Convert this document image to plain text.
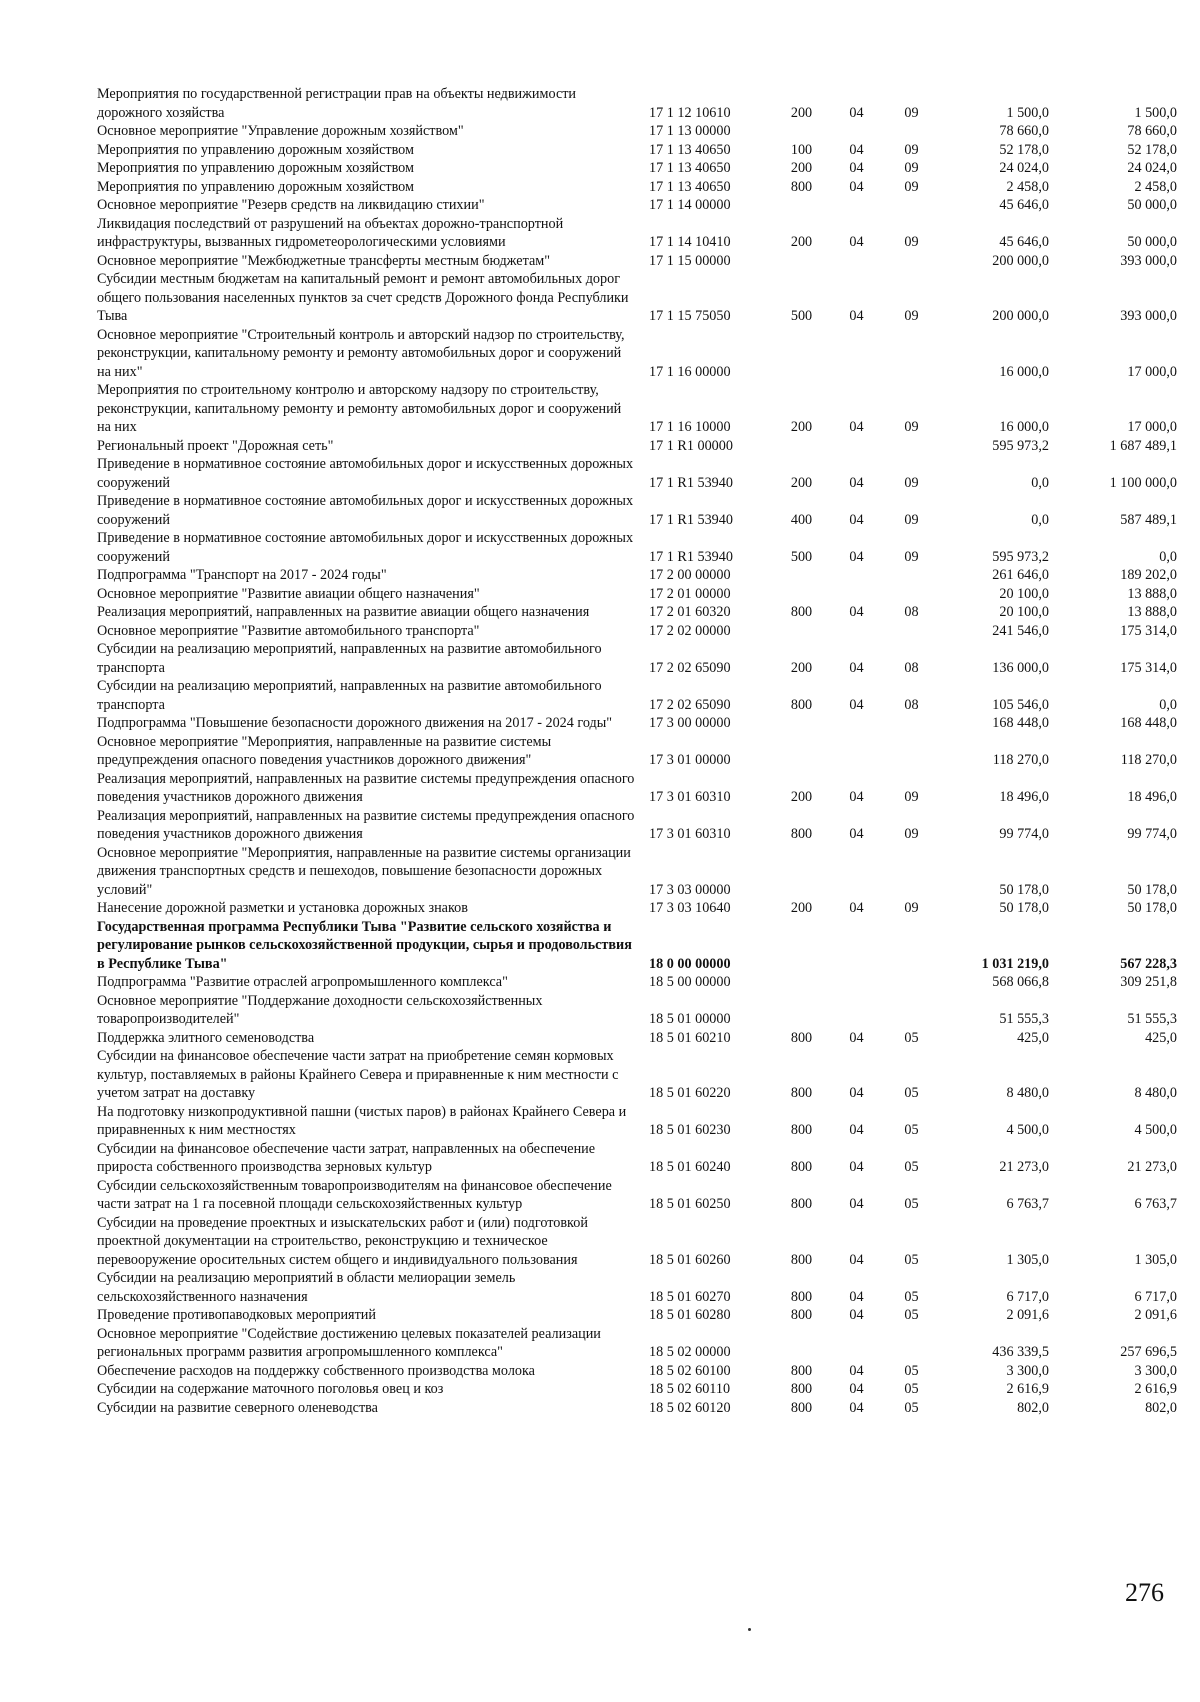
Мероприятия по государственной регистрации прав на объекты недвижимости дорожного хозяйства	17 1 12 10610	200	04	09	1 500,0	1 500,0
Основное мероприятие "Управление дорожным хозяйством"	17 1 13 00000				78 660,0	78 660,0
Мероприятия по управлению дорожным хозяйством	17 1 13 40650	100	04	09	52 178,0	52 178,0
Мероприятия по управлению дорожным хозяйством	17 1 13 40650	200	04	09	24 024,0	24 024,0
Мероприятия по управлению дорожным хозяйством	17 1 13 40650	800	04	09	2 458,0	2 458,0
Основное мероприятие "Резерв средств на ликвидацию стихии"	17 1 14 00000				45 646,0	50 000,0
Ликвидация последствий от разрушений на объектах дорожно-транспортной инфраструктуры, вызванных гидрометеорологическими условиями	17 1 14 10410	200	04	09	45 646,0	50 000,0
Основное мероприятие "Межбюджетные трансферты местным бюджетам"	17 1 15 00000				200 000,0	393 000,0
Субсидии местным бюджетам на капитальный ремонт и ремонт автомобильных дорог общего пользования населенных пунктов за счет средств Дорожного фонда Республики Тыва	17 1 15 75050	500	04	09	200 000,0	393 000,0
Основное мероприятие "Строительный контроль и авторский надзор по строительству, реконструкции, капитальному ремонту и ремонту автомобильных дорог и сооружений на них"	17 1 16 00000				16 000,0	17 000,0
Мероприятия по строительному контролю и авторскому надзору по строительству, реконструкции, капитальному ремонту и ремонту автомобильных дорог и сооружений на них	17 1 16 10000	200	04	09	16 000,0	17 000,0
Региональный проект "Дорожная сеть"	17 1 R1 00000				595 973,2	1 687 489,1
Приведение в нормативное состояние автомобильных дорог и искусственных дорожных сооружений	17 1 R1 53940	200	04	09	0,0	1 100 000,0
Приведение в нормативное состояние автомобильных дорог и искусственных дорожных сооружений	17 1 R1 53940	400	04	09	0,0	587 489,1
Приведение в нормативное состояние автомобильных дорог и искусственных дорожных сооружений	17 1 R1 53940	500	04	09	595 973,2	0,0
Подпрограмма "Транспорт на 2017 - 2024 годы"	17 2 00 00000				261 646,0	189 202,0
Основное мероприятие "Развитие авиации общего назначения"	17 2 01 00000				20 100,0	13 888,0
Реализация мероприятий, направленных на развитие авиации общего назначения	17 2 01 60320	800	04	08	20 100,0	13 888,0
Основное мероприятие "Развитие автомобильного транспорта"	17 2 02 00000				241 546,0	175 314,0
Субсидии на реализацию мероприятий, направленных на развитие автомобильного транспорта	17 2 02 65090	200	04	08	136 000,0	175 314,0
Субсидии на реализацию мероприятий, направленных на развитие автомобильного транспорта	17 2 02 65090	800	04	08	105 546,0	0,0
Подпрограмма "Повышение безопасности дорожного движения на 2017 - 2024 годы"	17 3 00 00000				168 448,0	168 448,0
Основное мероприятие "Мероприятия, направленные на развитие системы предупреждения опасного поведения участников дорожного движения"	17 3 01 00000				118 270,0	118 270,0
Реализация мероприятий, направленных на развитие системы предупреждения опасного поведения участников дорожного движения	17 3 01 60310	200	04	09	18 496,0	18 496,0
Реализация мероприятий, направленных на развитие системы предупреждения опасного поведения участников дорожного движения	17 3 01 60310	800	04	09	99 774,0	99 774,0
Основное мероприятие "Мероприятия, направленные на развитие системы организации движения транспортных средств и пешеходов, повышение безопасности дорожных условий"	17 3 03 00000				50 178,0	50 178,0
Нанесение дорожной разметки и установка дорожных знаков	17 3 03 10640	200	04	09	50 178,0	50 178,0
Государственная программа Республики Тыва "Развитие сельского хозяйства и регулирование рынков сельскохозяйственной продукции, сырья и продовольствия в Республике Тыва"	18 0 00 00000				1 031 219,0	567 228,3
Подпрограмма "Развитие отраслей агропромышленного комплекса"	18 5 00 00000				568 066,8	309 251,8
Основное мероприятие "Поддержание доходности сельскохозяйственных товаропроизводителей"	18 5 01 00000				51 555,3	51 555,3
Поддержка элитного семеноводства	18 5 01 60210	800	04	05	425,0	425,0
Субсидии на финансовое обеспечение части затрат на приобретение семян кормовых культур, поставляемых в районы Крайнего Севера и приравненные к ним местности с учетом затрат на доставку	18 5 01 60220	800	04	05	8 480,0	8 480,0
На подготовку низкопродуктивной пашни (чистых паров) в районах Крайнего Севера и приравненных к ним местностях	18 5 01 60230	800	04	05	4 500,0	4 500,0
Субсидии на финансовое обеспечение части затрат, направленных на обеспечение прироста собственного производства зерновых культур	18 5 01 60240	800	04	05	21 273,0	21 273,0
Субсидии сельскохозяйственным товаропроизводителям на финансовое обеспечение части затрат на 1 га посевной площади сельскохозяйственных культур	18 5 01 60250	800	04	05	6 763,7	6 763,7
Субсидии на проведение проектных и изыскательских работ и (или) подготовкой проектной документации на строительство, реконструкцию и техническое перевооружение оросительных систем общего и индивидуального пользования	18 5 01 60260	800	04	05	1 305,0	1 305,0
Субсидии на реализацию мероприятий в области мелиорации земель сельскохозяйственного назначения	18 5 01 60270	800	04	05	6 717,0	6 717,0
Проведение противопаводковых мероприятий	18 5 01 60280	800	04	05	2 091,6	2 091,6
Основное мероприятие "Содействие достижению целевых показателей реализации региональных программ развития агропромышленного комплекса"	18 5 02 00000				436 339,5	257 696,5
Обеспечение расходов на поддержку собственного производства молока	18 5 02 60100	800	04	05	3 300,0	3 300,0
Субсидии на содержание маточного поголовья овец и коз	18 5 02 60110	800	04	05	2 616,9	2 616,9
Субсидии на развитие северного оленеводства	18 5 02 60120	800	04	05	802,0	802,0
276
